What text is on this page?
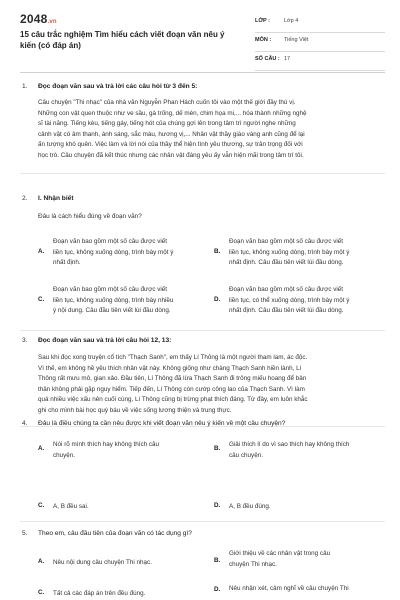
2048.vn
15 câu trắc nghiệm Tìm hiểu cách viết đoạn văn nêu ý kiến (có đáp án)
LỚP :	Lớp 4
MÔN : Tiếng Việt
SỐ CÂU : 17
1. Đọc đoạn văn sau và trả lời các câu hỏi từ 3 đến 5:
Câu chuyện "Thi nhạc" của nhà văn Nguyễn Phan Hách cuốn tôi vào một thế giới đầy thú vị.
Những con vật quen thuộc như ve sầu, gà trống, dế mèn, chim họa mi,... hóa thành những nghệ
sĩ tài năng. Tiếng kèu, tiếng gáy, tiếng hót của chúng gợi lên trong tâm trí người nghe những
cảnh vật có âm thanh, ánh sáng, sắc màu, hương vị,... Nhân vật thầy giáo vàng anh cũng để lại
ấn tượng khó quên. Việc làm và lời nói của thầy thể hiện tình yêu thương, sự trân trọng đối với
học trò. Câu chuyện đã kết thúc nhưng các nhân vật đáng yêu ấy vẫn hiện mãi trong tâm trí tôi.
2. I. Nhận biết
Đâu là cách hiểu đúng về đoạn văn?
A.
Đoạn văn bao gồm một số câu được viết
liền tục, không xuống dòng, trình bày một ý
nhất định.
B.
Đoạn văn bao gồm một số câu được viết
liền tục, không xuống dòng, trình bày một ý
nhất định. Câu đầu tiên viết lùi đầu dòng.
C.
Đoạn văn bao gồm một số câu được viết
liền tục, không xuống dòng, trình bày nhiều
ý nội dung. Câu đầu tiên viết lùi đầu dòng.
D.
Đoạn văn bao gồm một số câu được viết
liền tục, có thể xuống dòng, trình bày một ý
nhất định. Câu đầu tiên viết lùi đầu dòng.
3. Đọc đoạn văn sau và trả lời câu hỏi 12, 13:
Sau khi đọc xong truyện cổ tích "Thạch Sanh", em thấy Lí Thông là một người tham lam, ác độc.
Vì thế, em không hề yêu thích nhân vật này. Không giống như chàng Thạch Sanh hiền lành, Lí
Thông rất mưu mô, gian xảo. Đầu tiên, Lí Thông đã lừa Thạch Sanh đi trông miếu hoang để bản
thân không phải gặp nguy hiểm. Tiếp đến, Lí Thông còn cướp công lao của Thạch Sanh. Vì làm
quá nhiều việc xấu nên cuối cùng, Lí Thông cũng bị trừng phạt thích đáng. Từ đây, em luôn khắc
ghi cho mình bài học quý báu về việc sống lương thiện và trung thực.
4. Đâu là điều chúng ta cần nêu được khi viết đoạn văn nêu ý kiến về một câu chuyện?
A.
Nói rõ mình thích hay không thích câu
chuyện.
B.
Giải thích lí do vì sao thích hay không thích
câu chuyện.
C. A, B đều sai.	D. A, B đều đúng.
5. Theo em, câu đầu tiên của đoạn văn có tác dụng gì?
A. Nêu nội dung câu chuyện Thi nhạc.	B.
Giới thiệu về các nhân vật trong câu
chuyện Thi nhạc.
C. Tất cả các đáp án trên đều đúng.
D. Nêu nhận xét, cảm nghĩ về câu chuyện Thi
